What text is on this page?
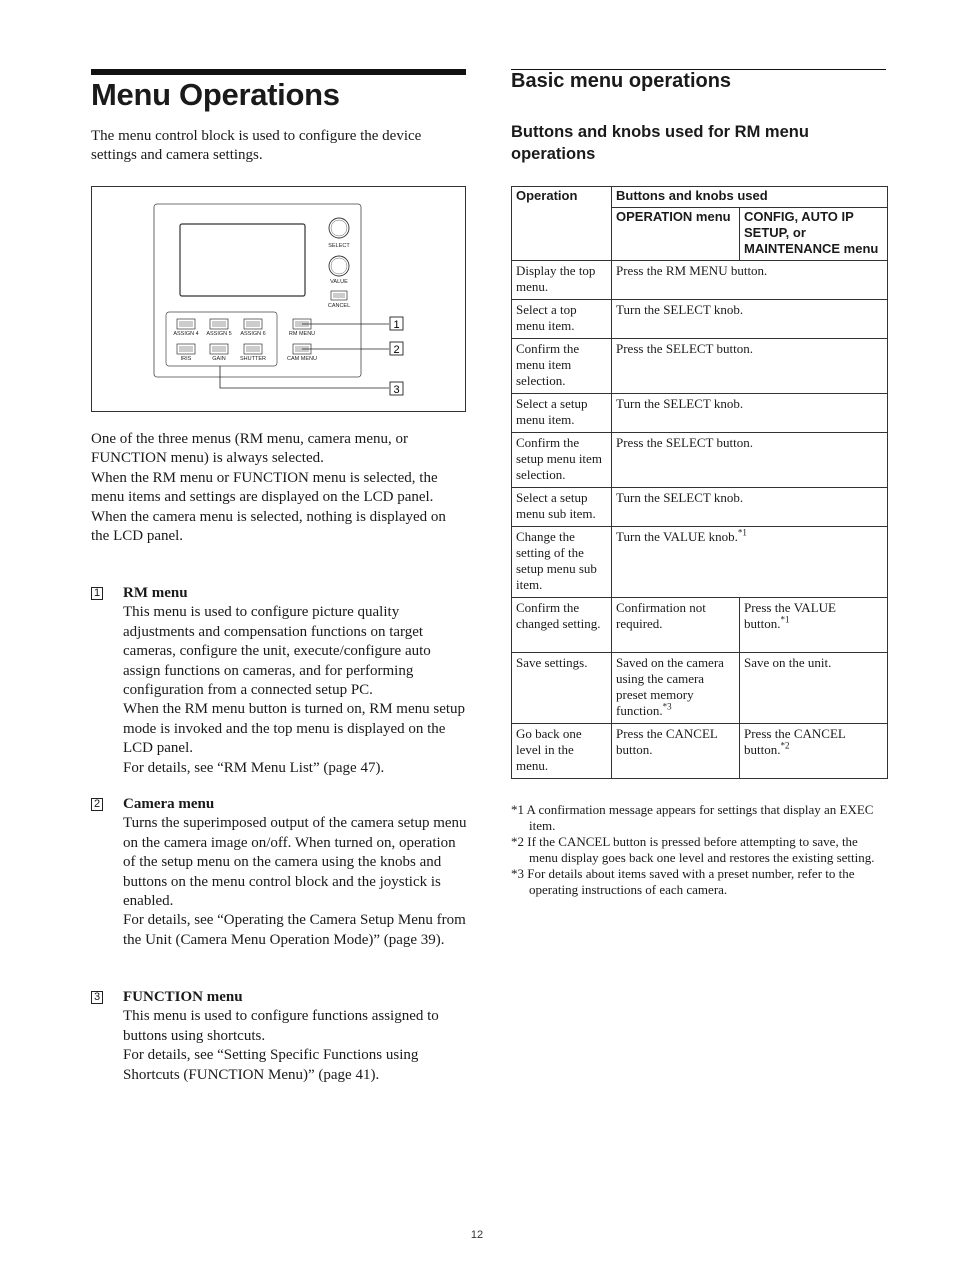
Menu Operations

The menu control block is used to configure the device settings and camera settings.

SELECT
VALUE
CANCEL
ASSIGN 4 ASSIGN 5 ASSIGN 6
IRIS	GAIN	SHUTTER
RM MENU
CAM MENU
1
2
3
One of the three menus (RM menu, camera menu, or FUNCTION menu) is always selected.
When the RM menu or FUNCTION menu is selected, the menu items and settings are displayed on the LCD panel.
When the camera menu is selected, nothing is displayed on the LCD panel.
1 RM menu
This menu is used to configure picture quality adjustments and compensation functions on target cameras, configure the unit, execute/configure auto assign functions on cameras, and for performing configuration from a connected setup PC.
When the RM menu button is turned on, RM menu setup mode is invoked and the top menu is displayed on the LCD panel.
For details, see “RM Menu List” (page 47).
2 Camera menu
Turns the superimposed output of the camera setup menu on the camera image on/off. When turned on, operation of the setup menu on the camera using the knobs and buttons on the menu control block and the joystick is enabled.
For details, see “Operating the Camera Setup Menu from the Unit (Camera Menu Operation Mode)” (page 39).
3 FUNCTION menu
This menu is used to configure functions assigned to buttons using shortcuts.
For details, see “Setting Specific Functions using Shortcuts (FUNCTION Menu)” (page 41).
Basic menu operations
Buttons and knobs used for RM menu operations
Operation	Buttons and knobs used	
	OPERATION menu	CONFIG, AUTO IP SETUP, or MAINTENANCE menu
Display the top menu.	Press the RM MENU button.	
Select a top menu item.	Turn the SELECT knob.	
Confirm the menu item selection.	Press the SELECT button.	
Select a setup menu item.	Turn the SELECT knob.	
Confirm the setup menu item selection.	Press the SELECT button.	
Select a setup menu sub item.	Turn the SELECT knob.	
Change the setting of the setup menu sub item.	Turn the VALUE knob.$^{*1}$
Confirm the changed setting.	Confirmation not required.	Press the VALUE button.$^{*1}$
Save settings.	Saved on the camera using the camera preset memory function.$^{*3}$	Save on the unit.
Go back one level in the menu.	Press the CANCEL button.	Press the CANCEL button.$^{*2}$
*1 A confirmation message appears for settings that display an EXEC item.
*2 If the CANCEL button is pressed before attempting to save, the menu display goes back one level and restores the existing setting.
*3 For details about items saved with a preset number, refer to the operating instructions of each camera.
12
